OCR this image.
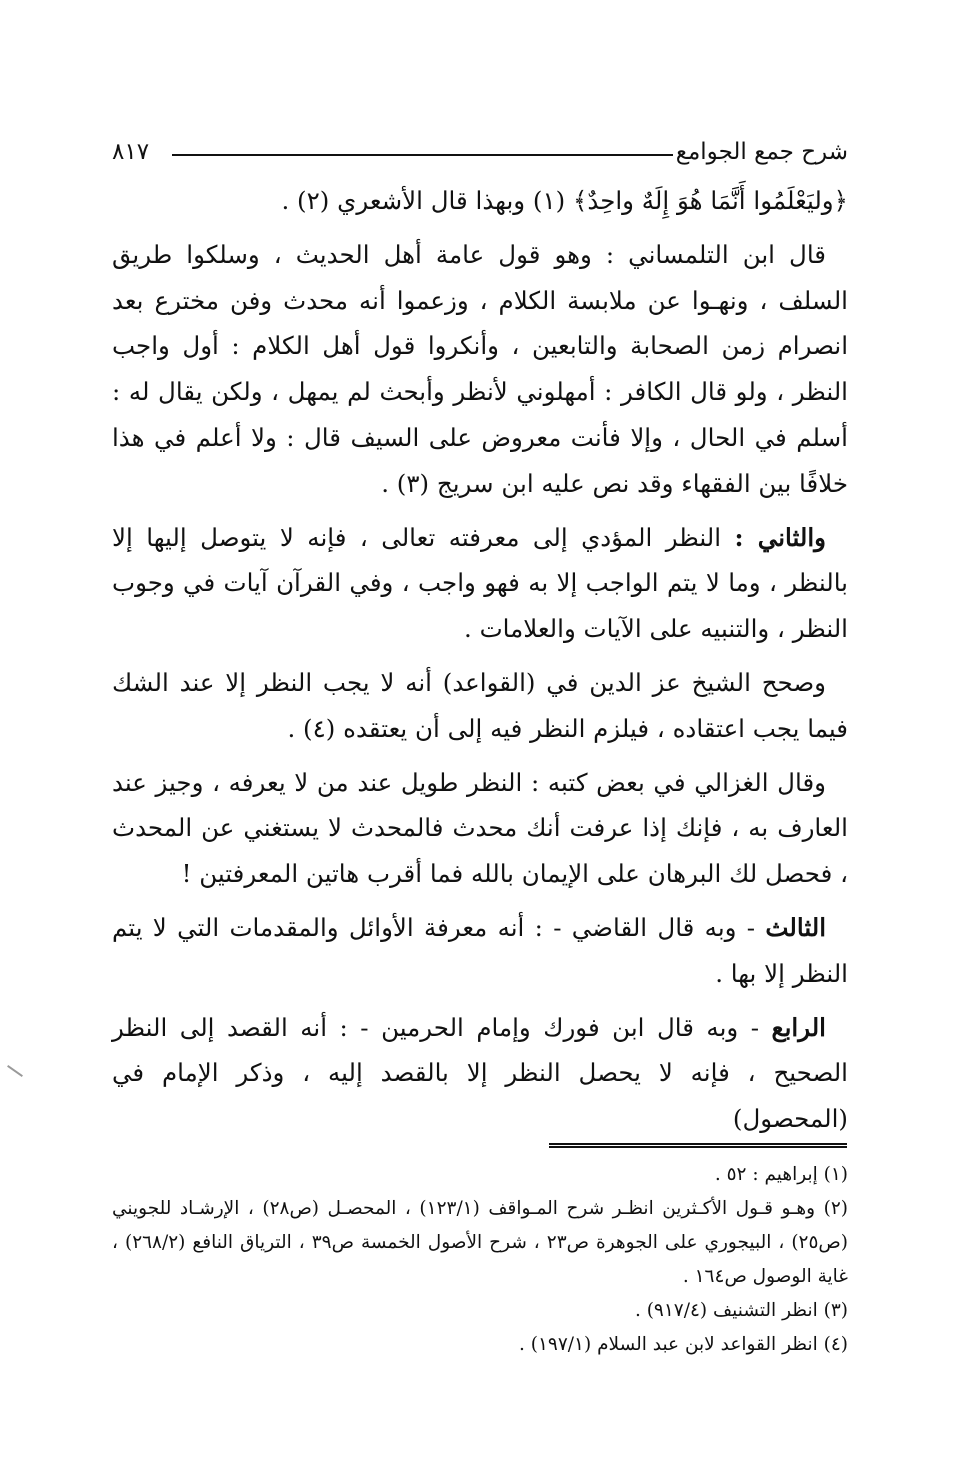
شرح جمع الجوامع
٨١٧

﴿وليَعْلَمُوا أَنَّمَا هُوَ إِلَهٌ واحِدٌ﴾ (١) وبهذا قال الأشعري (٢) .

قال ابن التلمساني : وهو قول عامة أهل الحديث ، وسلكوا طريق السلف ، ونهـوا عن ملابسة الكلام ، وزعموا أنه محدث وفن مخترع بعد انصرام زمن الصحابة والتابعين ، وأنكروا قول أهل الكلام : أول واجب النظر ، ولو قال الكافر : أمهلوني لأنظر وأبحث لم يمهل ، ولكن يقال له : أسلم في الحال ، وإلا فأنت معروض على السيف قال : ولا أعلم في هذا خلافًا بين الفقهاء وقد نص عليه ابن سريج (٣) .

والثاني : النظر المؤدي إلى معرفته تعالى ، فإنه لا يتوصل إليها إلا بالنظر ، وما لا يتم الواجب إلا به فهو واجب ، وفي القرآن آيات في وجوب النظر ، والتنبيه على الآيات والعلامات .

وصحح الشيخ عز الدين في (القواعد) أنه لا يجب النظر إلا عند الشك فيما يجب اعتقاده ، فيلزم النظر فيه إلى أن يعتقده (٤) .

وقال الغزالي في بعض كتبه : النظر طويل عند من لا يعرفه ، وجيز عند العارف به ، فإنك إذا عرفت أنك محدث فالمحدث لا يستغني عن المحدث ، فحصل لك البرهان على الإيمان بالله فما أقرب هاتين المعرفتين !

الثالث - وبه قال القاضي - : أنه معرفة الأوائل والمقدمات التي لا يتم النظر إلا بها .

الرابع - وبه قال ابن فورك وإمام الحرمين - : أنه القصد إلى النظر الصحيح ، فإنه لا يحصل النظر إلا بالقصد إليه ، وذكر الإمام في (المحصول)

(١) إبراهيم : ٥٢ .

(٢) وهـو قـول الأكـثرين انظـر شرح المـواقف (١٢٣/١) ، المحصـل (ص٢٨) ، الإرشـاد للجويني (ص٢٥) ، البيجوري على الجوهرة ص٢٣ ، شرح الأصول الخمسة ص٣٩ ، الترياق النافع (٢٦٨/٢) ، غاية الوصول ص١٦٤ .

(٣) انظر التشنيف (٩١٧/٤) .

(٤) انظر القواعد لابن عبد السلام (١٩٧/١) .
